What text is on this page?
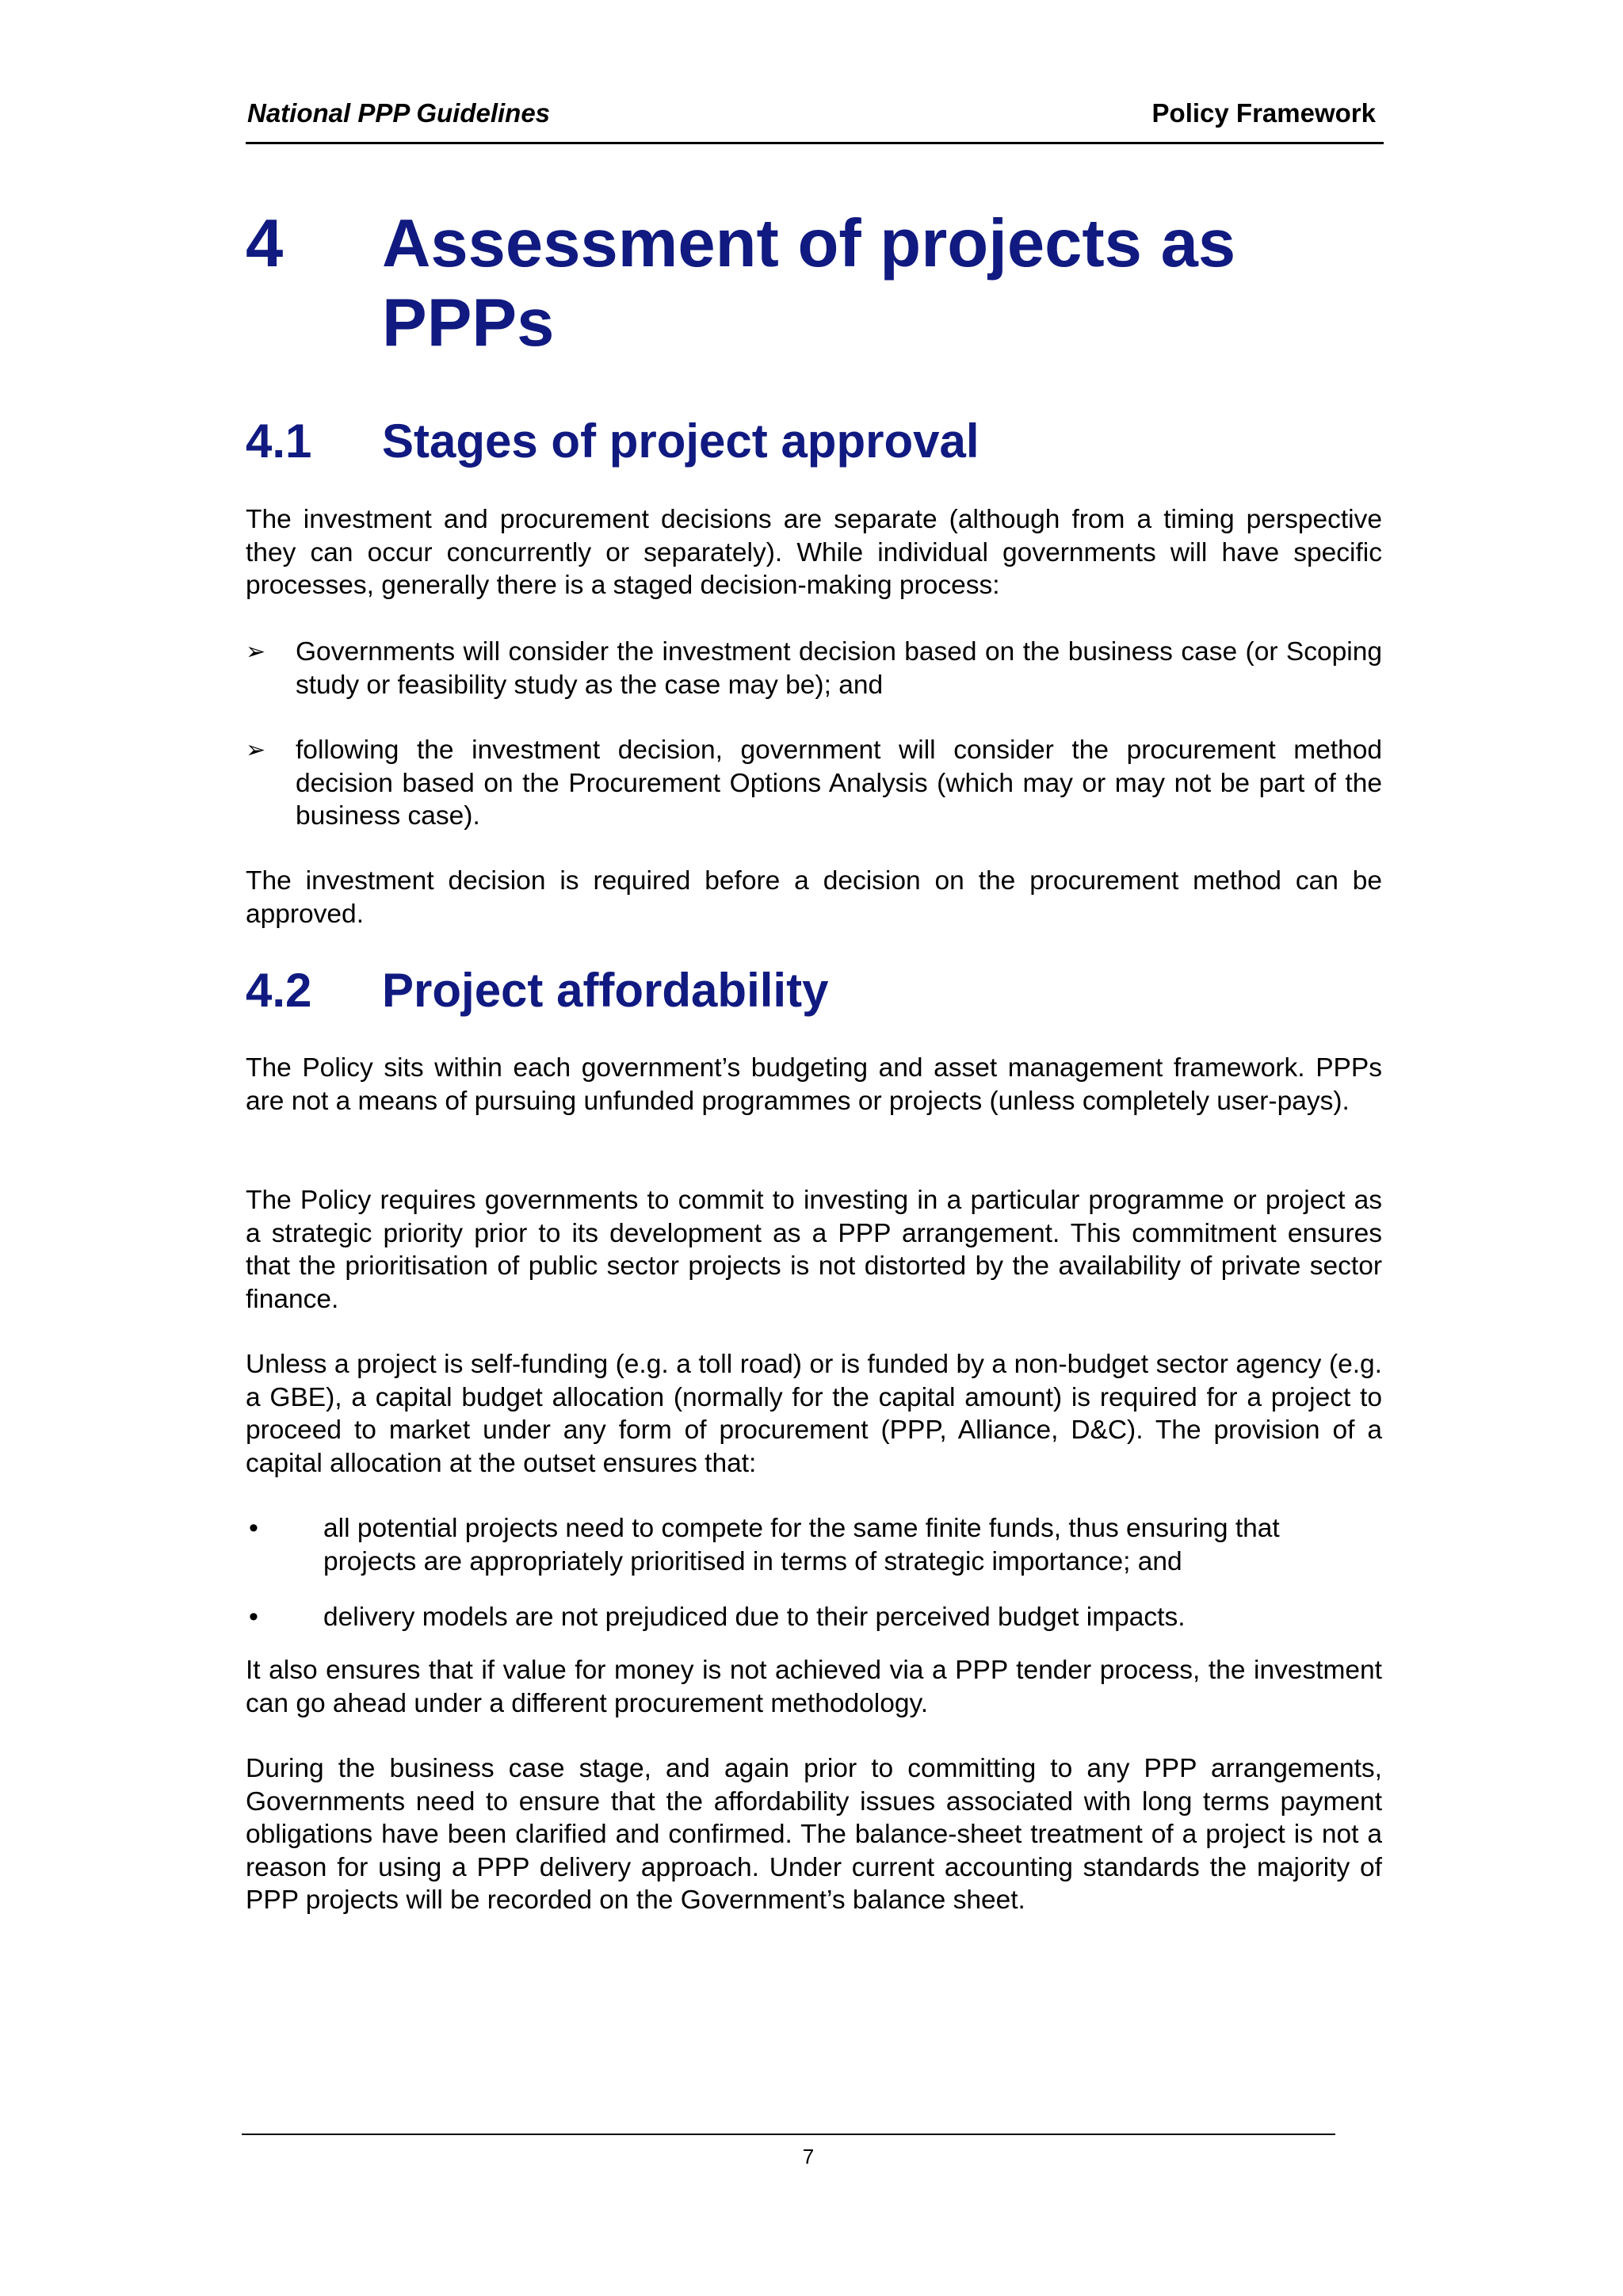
National PPP Guidelines	Policy Framework
4 Assessment of projects as PPPs
4.1 Stages of project approval

The investment and procurement decisions are separate (although from a timing perspective they can occur concurrently or separately). While individual governments will have specific processes, generally there is a staged decision-making process:

➢ Governments will consider the investment decision based on the business case (or Scoping study or feasibility study as the case may be); and
➢ following the investment decision, government will consider the procurement method decision based on the Procurement Options Analysis (which may or may not be part of the business case).

The investment decision is required before a decision on the procurement method can be approved.

4.2 Project affordability

The Policy sits within each government’s budgeting and asset management framework. PPPs are not a means of pursuing unfunded programmes or projects (unless completely user-pays).

The Policy requires governments to commit to investing in a particular programme or project as a strategic priority prior to its development as a PPP arrangement. This commitment ensures that the prioritisation of public sector projects is not distorted by the availability of private sector finance.

Unless a project is self-funding (e.g. a toll road) or is funded by a non-budget sector agency (e.g. a GBE), a capital budget allocation (normally for the capital amount) is required for a project to proceed to market under any form of procurement (PPP, Alliance, D&C). The provision of a capital allocation at the outset ensures that:

• all potential projects need to compete for the same finite funds, thus ensuring that projects are appropriately prioritised in terms of strategic importance; and
• delivery models are not prejudiced due to their perceived budget impacts.

It also ensures that if value for money is not achieved via a PPP tender process, the investment can go ahead under a different procurement methodology.

During the business case stage, and again prior to committing to any PPP arrangements, Governments need to ensure that the affordability issues associated with long terms payment obligations have been clarified and confirmed. The balance-sheet treatment of a project is not a reason for using a PPP delivery approach. Under current accounting standards the majority of PPP projects will be recorded on the Government’s balance sheet.

7
